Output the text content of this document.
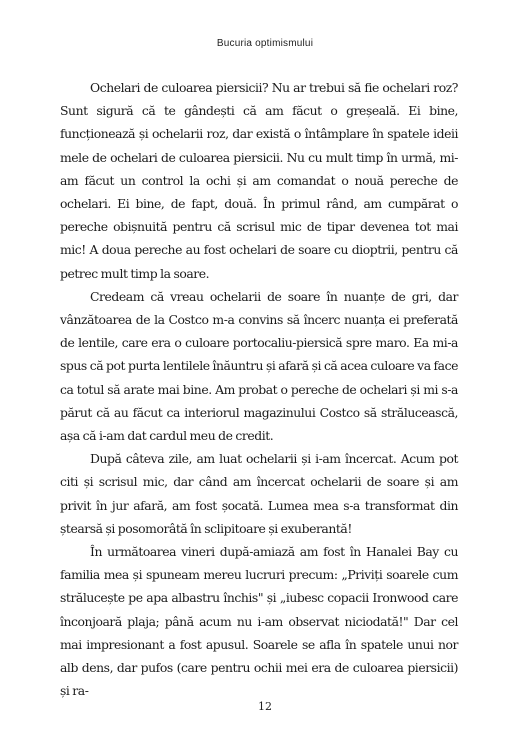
Bucuria optimismului

Ochelari de culoarea piersicii? Nu ar trebui să fie ochelari roz? Sunt sigură că te gândești că am făcut o greșeală. Ei bine, funcționează și ochelarii roz, dar există o întâmplare în spatele ideii mele de ochelari de culoarea piersicii. Nu cu mult timp în urmă, mi-am făcut un control la ochi și am comandat o nouă pereche de ochelari. Ei bine, de fapt, două. În primul rând, am cumpărat o pereche obișnuită pentru că scrisul mic de tipar devenea tot mai mic! A doua pereche au fost ochelari de soare cu dioptrii, pentru că petrec mult timp la soare.

Credeam că vreau ochelarii de soare în nuanțe de gri, dar vânzătoarea de la Costco m-a convins să încerc nuanța ei preferată de lentile, care era o culoare portocaliu-piersică spre maro. Ea mi-a spus că pot purta lentilele înăuntru și afară și că acea culoare va face ca totul să arate mai bine. Am probat o pereche de ochelari și mi s-a părut că au făcut ca interiorul magazinului Costco să strălucească, așa că i-am dat cardul meu de credit.

După câteva zile, am luat ochelarii și i-am încercat. Acum pot citi și scrisul mic, dar când am încercat ochelarii de soare și am privit în jur afară, am fost șocată. Lumea mea s-a transformat din ștearsă și posomorâtă în sclipitoare și exuberantă!

În următoarea vineri după-amiază am fost în Hanalei Bay cu familia mea și spuneam mereu lucruri precum: „Priviți soarele cum strălucește pe apa albastru închis" și „iubesc copacii Ironwood care înconjoară plaja; până acum nu i-am observat niciodată!" Dar cel mai impresionant a fost apusul. Soarele se afla în spatele unui nor alb dens, dar pufos (care pentru ochii mei era de culoarea piersicii) și ra-

12
